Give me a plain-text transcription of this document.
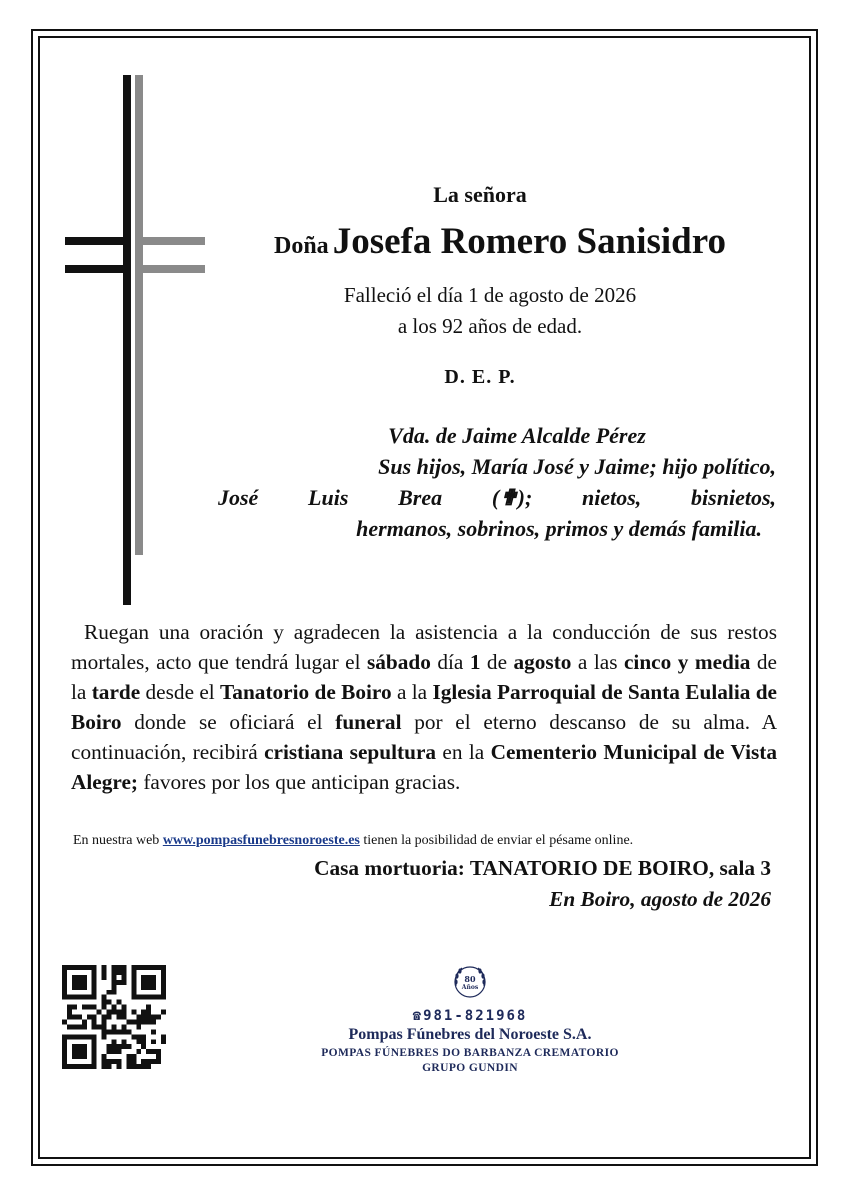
La señora
Doña Josefa Romero Sanisidro
Falleció el día 1 de agosto de 2026
a los 92 años de edad.
D. E. P.

Vda. de Jaime Alcalde Pérez

Sus hijos, María José y Jaime; hijo político,

José Luis Brea (✟); nietos, bisnietos,

hermanos, sobrinos, primos y demás familia.

Ruegan una oración y agradecen la asistencia a la conducción de sus restos mortales, acto que tendrá lugar el sábado día 1 de agosto a las cinco y media de la tarde desde el Tanatorio de Boiro a la Iglesia Parroquial de Santa Eulalia de Boiro donde se oficiará el funeral por el eterno descanso de su alma. A continuación, recibirá cristiana sepultura en la Cementerio Municipal de Vista Alegre; favores por los que anticipan gracias.
En nuestra web www.pompasfunebresnoroeste.es tienen la posibilidad de enviar el pésame online.
Casa mortuoria: TANATORIO DE BOIRO, sala 3
En Boiro, agosto de 2026
80
Años
☎981-821968
Pompas Fúnebres del Noroeste S.A.
POMPAS FÚNEBRES DO BARBANZA CREMATORIO
GRUPO GUNDIN
